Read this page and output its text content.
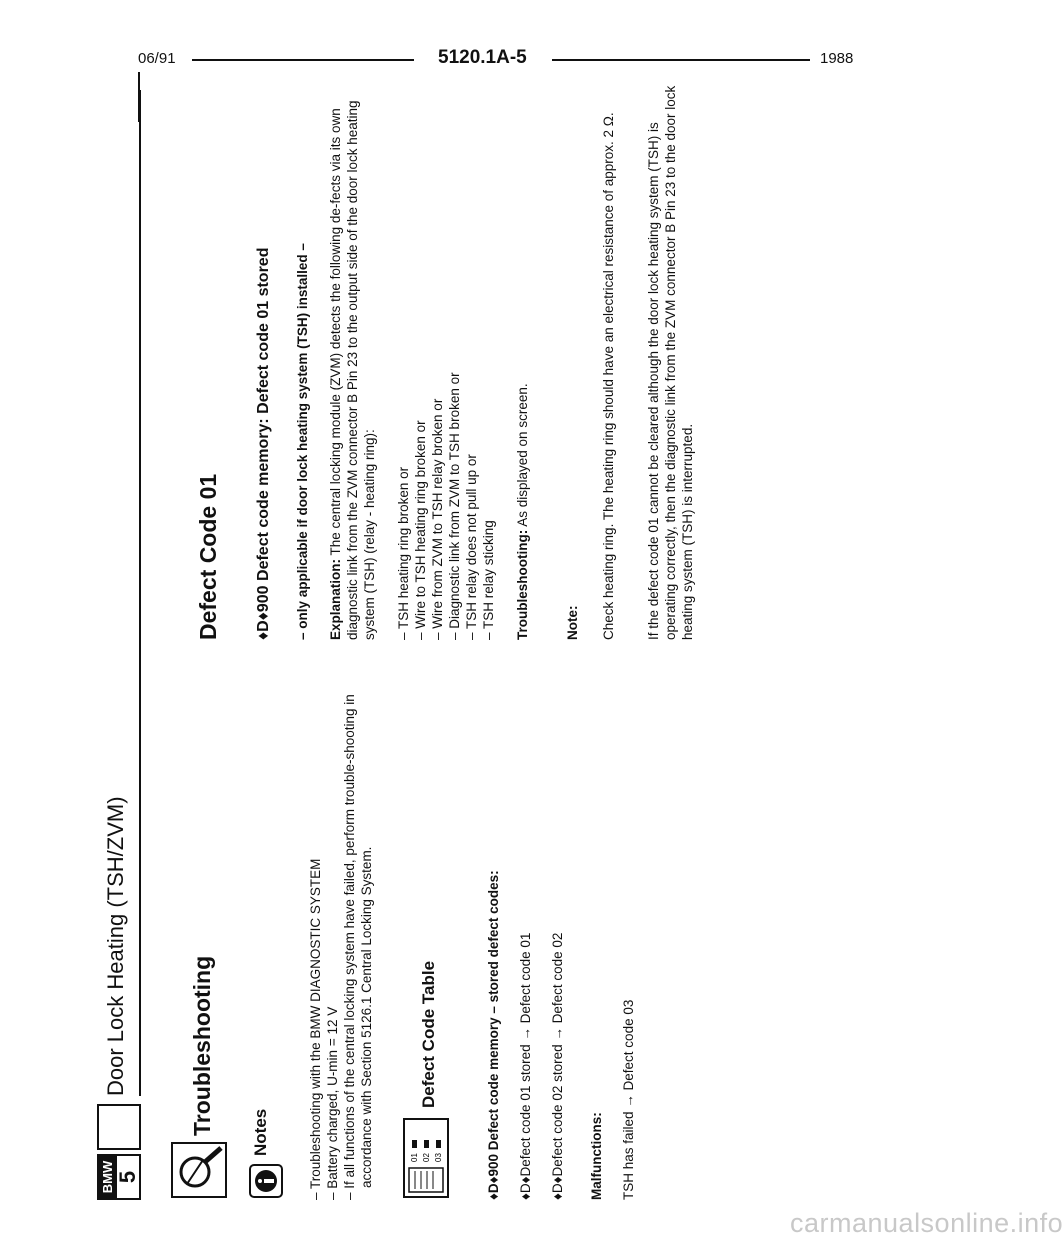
06/91	5120.1A-5	1988
BMW 5
Door Lock Heating (TSH/ZVM)	Troubleshooting Notes	– Troubleshooting with the BMW DIAGNOSTIC SYSTEM – Battery charged, U-min = 12 V – If all functions of the central locking system have failed, perform trouble-shooting in accordance with Section 5126.1 Central Locking System.	01 02 03
Defect Code Table	♦D♦900 Defect code memory – stored defect codes: ♦D♦Defect code 01 stored → Defect code 01 ♦D♦Defect code 02 stored → Defect code 02 Malfunctions: TSH has failed → Defect code 03

Defect Code 01 ♦D♦900 Defect code memory: Defect code 01 stored – only applicable if door lock heating system (TSH) installed – Explanation: The central locking module (ZVM) detects the following de-fects via its own diagnostic link from the ZVM connector B Pin 23 to the output side of the door lock heating system (TSH) (relay - heating ring): – TSH heating ring broken or – Wire to TSH heating ring broken or – Wire from ZVM to TSH relay broken or – Diagnostic link from ZVM to TSH broken or – TSH relay does not pull up or – TSH relay sticking Troubleshooting: As displayed on screen.
Note: Check heating ring. The heating ring should have an electrical resistance of approx. 2 Ω. If the defect code 01 cannot be cleared although the door lock heating system (TSH) is operating correctly, then the diagnostic link from the ZVM connector B Pin 23 to the door lock heating system (TSH) is interrupted.
carmanualsonline.info
